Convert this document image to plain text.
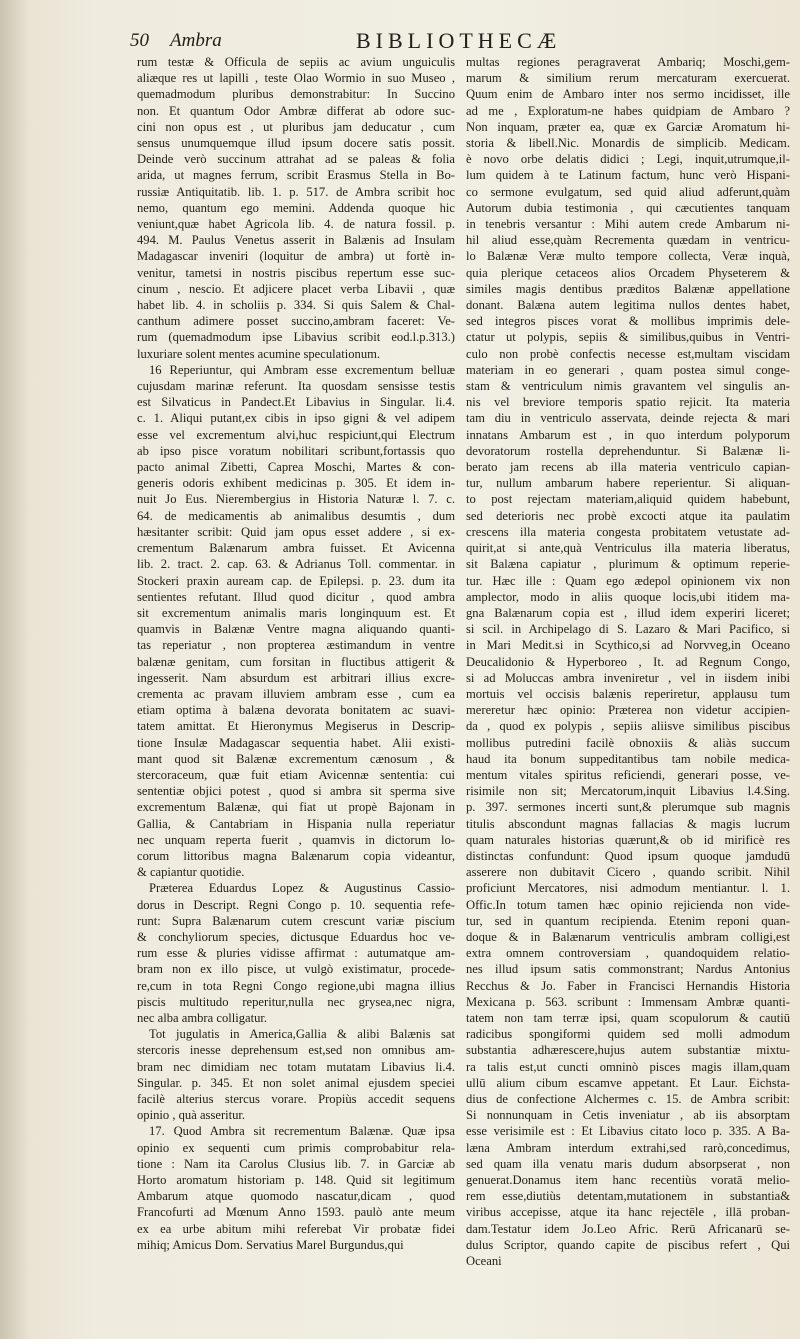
50 Ambra	BIBLIOTHECÆ
rum testæ & Officula de sepiis ac avium unguiculis
aliæque res ut lapilli , teste Olao Wormio in suo Museo ,
quemadmodum pluribus demonstrabitur: In Succino
non. Et quantum Odor Ambræ differat ab odore suc-
cini non opus est , ut pluribus jam deducatur , cum
sensus unumquemque illud ipsum docere satis possit.
Deinde verò succinum attrahat ad se paleas & folia
arida, ut magnes ferrum, scribit Erasmus Stella in Bo-
russiæ Antiquitatib. lib. 1. p. 517. de Ambra scribit hoc
nemo, quantum ego memini. Addenda quoque hic
veniunt,quæ habet Agricola lib. 4. de natura fossil. p.
494. M. Paulus Venetus asserit in Balænis ad Insulam
Madagascar inveniri (loquitur de ambra) ut fortè in-
venitur, tametsi in nostris piscibus repertum esse suc-
cinum , nescio. Et adjicere placet verba Libavii , quæ
habet lib. 4. in scholiis p. 334. Si quis Salem & Chal-
canthum adimere posset succino,ambram faceret: Ve-
rum (quemadmodum ipse Libavius scribit eod.l.p.313.)
luxuriare solent mentes acumine speculationum.
16 Reperiuntur, qui Ambram esse excrementum belluæ
cujusdam marinæ referunt. Ita quosdam sensisse testis
est Silvaticus in Pandect.Et Libavius in Singular. li.4.
c. 1. Aliqui putant,ex cibis in ipso gigni & vel adipem
esse vel excrementum alvi,huc respiciunt,qui Electrum
ab ipso pisce voratum nobilitari scribunt,fortassis quo
pacto animal Zibetti, Caprea Moschi, Martes & con-
generis odoris exhibent medicinas p. 305. Et idem in-
nuit Jo Eus. Nierembergius in Historia Naturæ l. 7. c.
64. de medicamentis ab animalibus desumtis , dum
hæsitanter scribit: Quid jam opus esset addere , si ex-
crementum Balænarum ambra fuisset. Et Avicenna
lib. 2. tract. 2. cap. 63. & Adrianus Toll. commentar. in
Stockeri praxin auream cap. de Epilepsi. p. 23. dum ita
sentientes refutant. Illud quod dicitur , quod ambra
sit excrementum animalis maris longinquum est. Et
quamvis in Balænæ Ventre magna aliquando quanti-
tas reperiatur , non propterea æstimandum in ventre
balænæ genitam, cum forsitan in fluctibus attigerit &
ingesserit. Nam absurdum est arbitrari illius excre-
crementa ac pravam illuviem ambram esse , cum ea
etiam optima à balæna devorata bonitatem ac suavi-
tatem amittat. Et Hieronymus Megiserus in Descrip-
tione Insulæ Madagascar sequentia habet. Alii existi-
mant quod sit Balænæ excrementum cænosum , &
stercoraceum, quæ fuit etiam Avicennæ sententia: cui
sententiæ objici potest , quod si ambra sit sperma sive
excrementum Balænæ, qui fiat ut propè Bajonam in
Gallia, & Cantabriam in Hispania nulla reperiatur
nec unquam reperta fuerit , quamvis in dictorum lo-
corum littoribus magna Balænarum copia videantur,
& capiantur quotidie.
Præterea Eduardus Lopez & Augustinus Cassio-
dorus in Descript. Regni Congo p. 10. sequentia refe-
runt: Supra Balænarum cutem crescunt variæ piscium
& conchyliorum species, dictusque Eduardus hoc ve-
rum esse & pluries vidisse affirmat : autumatque am-
bram non ex illo pisce, ut vulgò existimatur, procede-
re,cum in tota Regni Congo regione,ubi magna illius
piscis multitudo reperitur,nulla nec grysea,nec nigra,
nec alba ambra colligatur.
Tot jugulatis in America,Gallia & alibi Balænis sat
stercoris inesse deprehensum est,sed non omnibus am-
bram nec dimidiam nec totam mutatam Libavius li.4.
Singular. p. 345. Et non solet animal ejusdem speciei
facilè alterius stercus vorare. Propiùs accedit sequens
opinio , quà asseritur.
17. Quod Ambra sit recrementum Balænæ. Quæ ipsa
opinio ex sequenti cum primis comprobabitur rela-
tione : Nam ita Carolus Clusius lib. 7. in Garciæ ab
Horto aromatum historiam p. 148. Quid sit legitimum
Ambarum atque quomodo nascatur,dicam , quod
Francofurti ad Mœnum Anno 1593. paulò ante meum
ex ea urbe abitum mihi referebat Vir probatæ fidei
mihiq; Amicus Dom. Servatius Marel Burgundus,qui
multas regiones peragraverat Ambariq; Moschi,gem-
marum & similium rerum mercaturam exercuerat.
Quum enim de Ambaro inter nos sermo incidisset, ille
ad me , Exploratum-ne habes quidpiam de Ambaro ?
Non inquam, præter ea, quæ ex Garciæ Aromatum hi-
storia & libell.Nic. Monardis de simplicib. Medicam.
è novo orbe delatis didici ; Legi, inquit,utrumque,il-
lum quidem à te Latinum factum, hunc verò Hispani-
co sermone evulgatum, sed quid aliud adferunt,quàm
Autorum dubia testimonia , qui cæcutientes tanquam
in tenebris versantur : Mihi autem crede Ambarum ni-
hil aliud esse,quàm Recrementa quædam in ventricu-
lo Balænæ Veræ multo tempore collecta, Veræ inquà,
quia plerique cetaceos alios Orcadem Physeterem &
similes magis dentibus præditos Balænæ appellatione
donant. Balæna autem legitima nullos dentes habet,
sed integros pisces vorat & mollibus imprimis dele-
ctatur ut polypis, sepiis & similibus,quibus in Ventri-
culo non probè confectis necesse est,multam viscidam
materiam in eo generari , quam postea simul conge-
stam & ventriculum nimis gravantem vel singulis an-
nis vel breviore temporis spatio rejicit. Ita materia
tam diu in ventriculo asservata, deinde rejecta & mari
innatans Ambarum est , in quo interdum polyporum
devoratorum rostella deprehenduntur. Si Balænæ li-
berato jam recens ab illa materia ventriculo capian-
tur, nullum ambarum habere reperientur. Si aliquan-
to post rejectam materiam,aliquid quidem habebunt,
sed deterioris nec probè excocti atque ita paulatim
crescens illa materia congesta probitatem vetustate ad-
quirit,at si ante,quà Ventriculus illa materia liberatus,
sit Balæna capiatur , plurimum & optimum reperie-
tur. Hæc ille : Quam ego ædepol opinionem vix non
amplector, modo in aliis quoque locis,ubi itidem ma-
gna Balænarum copia est , illud idem experiri liceret;
si scil. in Archipelago di S. Lazaro & Mari Pacifico, si
in Mari Medit.si in Scythico,si ad Norvveg,in Oceano
Deucalidonio & Hyperboreo , It. ad Regnum Congo,
si ad Moluccas ambra inveniretur , vel in iisdem inibi
mortuis vel occisis balænis reperiretur, applausu tum
mereretur hæc opinio: Præterea non videtur accipien-
da , quod ex polypis , sepiis aliisve similibus piscibus
mollibus putredini facilè obnoxiis & aliàs succum
haud ita bonum suppeditantibus tam nobile medica-
mentum vitales spiritus reficiendi, generari posse, ve-
risimile non sit; Mercatorum,inquit Libavius l.4.Sing.
p. 397. sermones incerti sunt,& plerumque sub magnis
titulis abscondunt magnas fallacias & magis lucrum
quam naturales historias quærunt,& ob id mirificè res
distinctas confundunt: Quod ipsum quoque jamdudū
asserere non dubitavit Cicero , quando scribit. Nihil
proficiunt Mercatores, nisi admodum mentiantur. l. 1.
Offic.In totum tamen hæc opinio rejicienda non vide-
tur, sed in quantum recipienda. Etenim reponi quan-
doque & in Balænarum ventriculis ambram colligi,est
extra omnem controversiam , quandoquidem relatio-
nes illud ipsum satis commonstrant; Nardus Antonius
Recchus & Jo. Faber in Francisci Hernandis Historia
Mexicana p. 563. scribunt : Immensam Ambræ quanti-
tatem non tam terræ ipsi, quam scopulorum & cautiū
radicibus spongiformi quidem sed molli admodum
substantia adhærescere,hujus autem substantiæ mixtu-
ra talis est,ut cuncti omninò pisces magis illam,quam
ullū alium cibum escamve appetant. Et Laur. Eichsta-
dius de confectione Alchermes c. 15. de Ambra scribit:
Si nonnunquam in Cetis inveniatur , ab iis absorptam
esse verisimile est : Et Libavius citato loco p. 335. A Ba-
læna Ambram interdum extrahi,sed rarò,concedimus,
sed quam illa venatu maris dudum absorpserat , non
genuerat.Donamus item hanc recentiùs voratā melio-
rem esse,diutiùs detentam,mutationem in substantia&
viribus accepisse, atque ita hanc rejectēle , illā proban-
dam.Testatur idem Jo.Leo Afric. Rerū Africanarū se-
dulus Scriptor, quando capite de piscibus refert , Qui
Oceani
